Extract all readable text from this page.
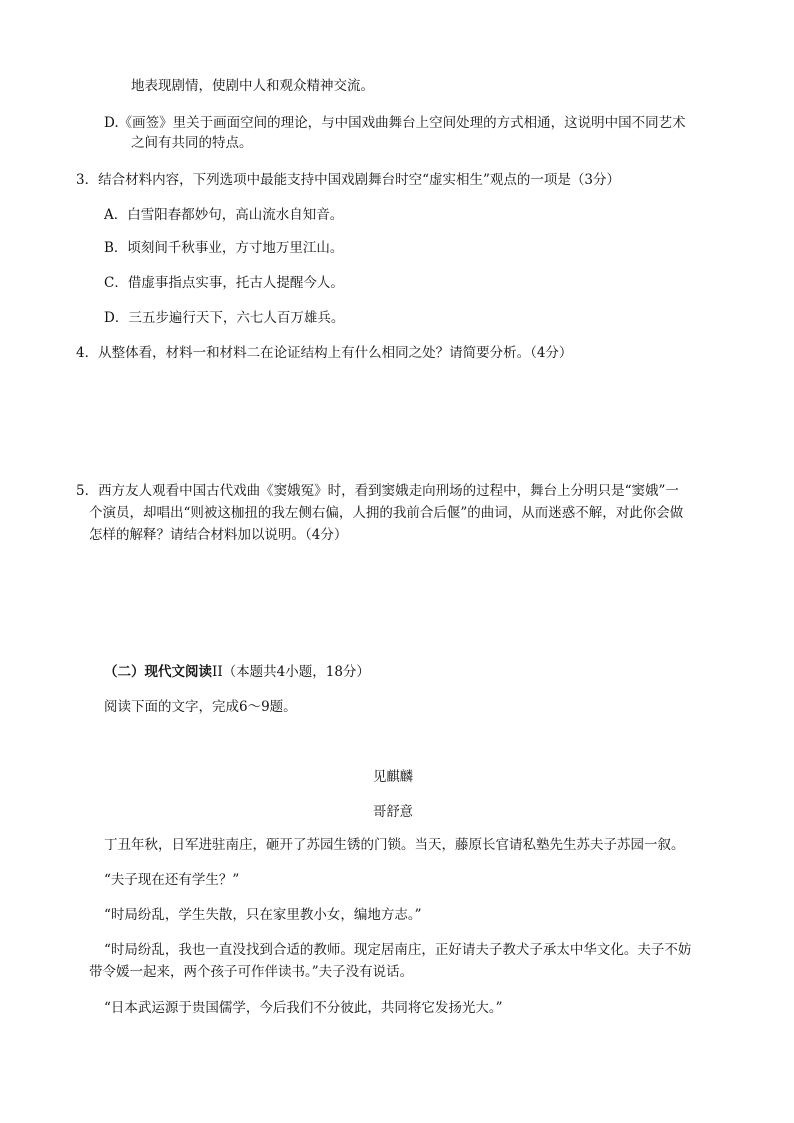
地表现剧情，使剧中人和观众精神交流。
D.《画签》里关于画面空间的理论，与中国戏曲舞台上空间处理的方式相通，这说明中国不同艺术
之间有共同的特点。
3．结合材料内容，下列选项中最能支持中国戏剧舞台时空“虚实相生”观点的一项是（3分）
A．白雪阳春都妙句，高山流水自知音。
B．顷刻间千秋事业，方寸地万里江山。
C．借虚事指点实事，托古人提醒今人。
D．三五步遍行天下，六七人百万雄兵。
4．从整体看，材料一和材料二在论证结构上有什么相同之处？请简要分析。（4分）
5．西方友人观看中国古代戏曲《窦娥冤》时，看到窦娥走向刑场的过程中，舞台上分明只是“窦娥”一
个演员，却唱出“则被这枷扭的我左侧右偏，人拥的我前合后偃”的曲词，从而迷惑不解，对此你会做
怎样的解释？请结合材料加以说明。（4分）
（二）现代文阅读II（本题共4小题，18分）
阅读下面的文字，完成6～9题。
见麒麟
哥舒意
丁丑年秋，日军进驻南庄，砸开了苏园生锈的门锁。当天，藤原长官请私塾先生苏夫子苏园一叙。
“夫子现在还有学生？”
“时局纷乱，学生失散，只在家里教小女，编地方志。”
“时局纷乱，我也一直没找到合适的教师。现定居南庄，正好请夫子教犬子承太中华文化。夫子不妨
带令媛一起来，两个孩子可作伴读书。”夫子没有说话。
“日本武运源于贵国儒学，今后我们不分彼此，共同将它发扬光大。”
